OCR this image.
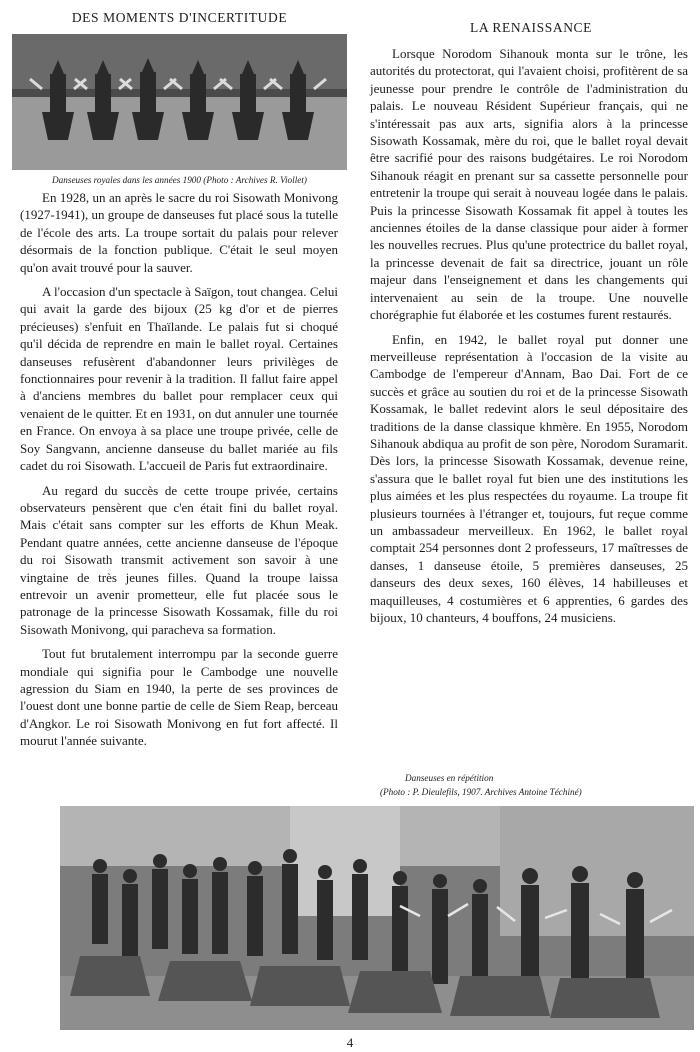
DES MOMENTS D'INCERTITUDE
LA RENAISSANCE
Danseuses royales dans les années 1900 (Photo : Archives R. Viollet)

En 1928, un an après le sacre du roi Sisowath Monivong (1927-1941), un groupe de danseuses fut placé sous la tutelle de l'école des arts. La troupe sortait du palais pour relever désormais de la fonction publique. C'était le seul moyen qu'on avait trouvé pour la sauver.

A l'occasion d'un spectacle à Saïgon, tout changea. Celui qui avait la garde des bijoux (25 kg d'or et de pierres précieuses) s'enfuit en Thaïlande. Le palais fut si choqué qu'il décida de reprendre en main le ballet royal. Certaines danseuses refusèrent d'abandonner leurs privilèges de fonctionnaires pour revenir à la tradition. Il fallut faire appel à d'anciens membres du ballet pour remplacer ceux qui venaient de le quitter. Et en 1931, on dut annuler une tournée en France. On envoya à sa place une troupe privée, celle de Soy Sangvann, ancienne danseuse du ballet mariée au fils cadet du roi Sisowath. L'accueil de Paris fut extraordinaire.

Au regard du succès de cette troupe privée, certains observateurs pensèrent que c'en était fini du ballet royal. Mais c'était sans compter sur les efforts de Khun Meak. Pendant quatre années, cette ancienne danseuse de l'époque du roi Sisowath transmit activement son savoir à une vingtaine de très jeunes filles. Quand la troupe laissa entrevoir un avenir prometteur, elle fut placée sous le patronage de la princesse Sisowath Kossamak, fille du roi Sisowath Monivong, qui paracheva sa formation.

Tout fut brutalement interrompu par la seconde guerre mondiale qui signifia pour le Cambodge une nouvelle agression du Siam en 1940, la perte de ses provinces de l'ouest dont une bonne partie de celle de Siem Reap, berceau d'Angkor. Le roi Sisowath Monivong en fut fort affecté. Il mourut l'année suivante.

Lorsque Norodom Sihanouk monta sur le trône, les autorités du protectorat, qui l'avaient choisi, profitèrent de sa jeunesse pour prendre le contrôle de l'administration du palais. Le nouveau Résident Supérieur français, qui ne s'intéressait pas aux arts, signifia alors à la princesse Sisowath Kossamak, mère du roi, que le ballet royal devait être sacrifié pour des raisons budgétaires. Le roi Norodom Sihanouk réagit en prenant sur sa cassette personnelle pour entretenir la troupe qui serait à nouveau logée dans le palais. Puis la princesse Sisowath Kossamak fit appel à toutes les anciennes étoiles de la danse classique pour aider à former les nouvelles recrues. Plus qu'une protectrice du ballet royal, la princesse devenait de fait sa directrice, jouant un rôle majeur dans l'enseignement et dans les changements qui intervenaient au sein de la troupe. Une nouvelle chorégraphie fut élaborée et les costumes furent restaurés.

Enfin, en 1942, le ballet royal put donner une merveilleuse représentation à l'occasion de la visite au Cambodge de l'empereur d'Annam, Bao Dai. Fort de ce succès et grâce au soutien du roi et de la princesse Sisowath Kossamak, le ballet redevint alors le seul dépositaire des traditions de la danse classique khmère. En 1955, Norodom Sihanouk abdiqua au profit de son père, Norodom Suramarit. Dès lors, la princesse Sisowath Kossamak, devenue reine, s'assura que le ballet royal fut bien une des institutions les plus aimées et les plus respectées du royaume. La troupe fit plusieurs tournées à l'étranger et, toujours, fut reçue comme un ambassadeur merveilleux. En 1962, le ballet royal comptait 254 personnes dont 2 professeurs, 17 maîtresses de danses, 1 danseuse étoile, 5 premières danseuses, 25 danseurs des deux sexes, 160 élèves, 14 habilleuses et maquilleuses, 4 costumières et 6 apprenties, 6 gardes des bijoux, 10 chanteurs, 4 bouffons, 24 musiciens.

Danseuses en répétition
(Photo : P. Dieulefils, 1907. Archives Antoine Téchiné)
4
